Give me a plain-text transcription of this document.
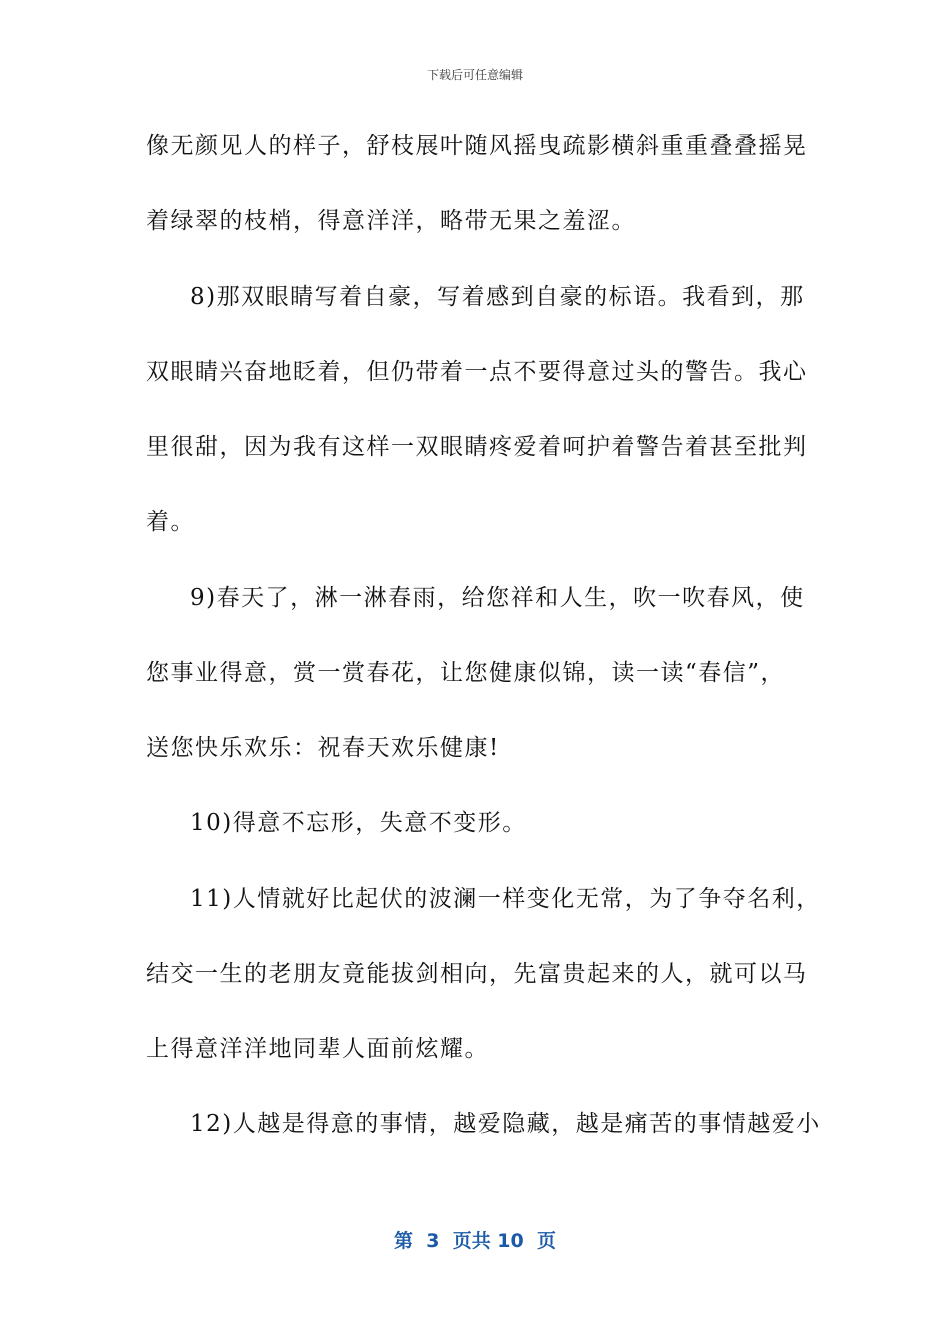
下载后可任意编辑
像无颜见人的样子，舒枝展叶随风摇曳疏影横斜重重叠叠摇晃
着绿翠的枝梢，得意洋洋，略带无果之羞涩。
8)那双眼睛写着自豪，写着感到自豪的标语。我看到，那
双眼睛兴奋地眨着，但仍带着一点不要得意过头的警告。我心
里很甜，因为我有这样一双眼睛疼爱着呵护着警告着甚至批判
着。
9)春天了，淋一淋春雨，给您祥和人生，吹一吹春风，使
您事业得意，赏一赏春花，让您健康似锦，读一读“春信”，
送您快乐欢乐：祝春天欢乐健康!
10)得意不忘形，失意不变形。
11)人情就好比起伏的波澜一样变化无常，为了争夺名利，
结交一生的老朋友竟能拔剑相向，先富贵起来的人，就可以马
上得意洋洋地同辈人面前炫耀。
12)人越是得意的事情，越爱隐藏，越是痛苦的事情越爱小
第  3  页共 10  页
